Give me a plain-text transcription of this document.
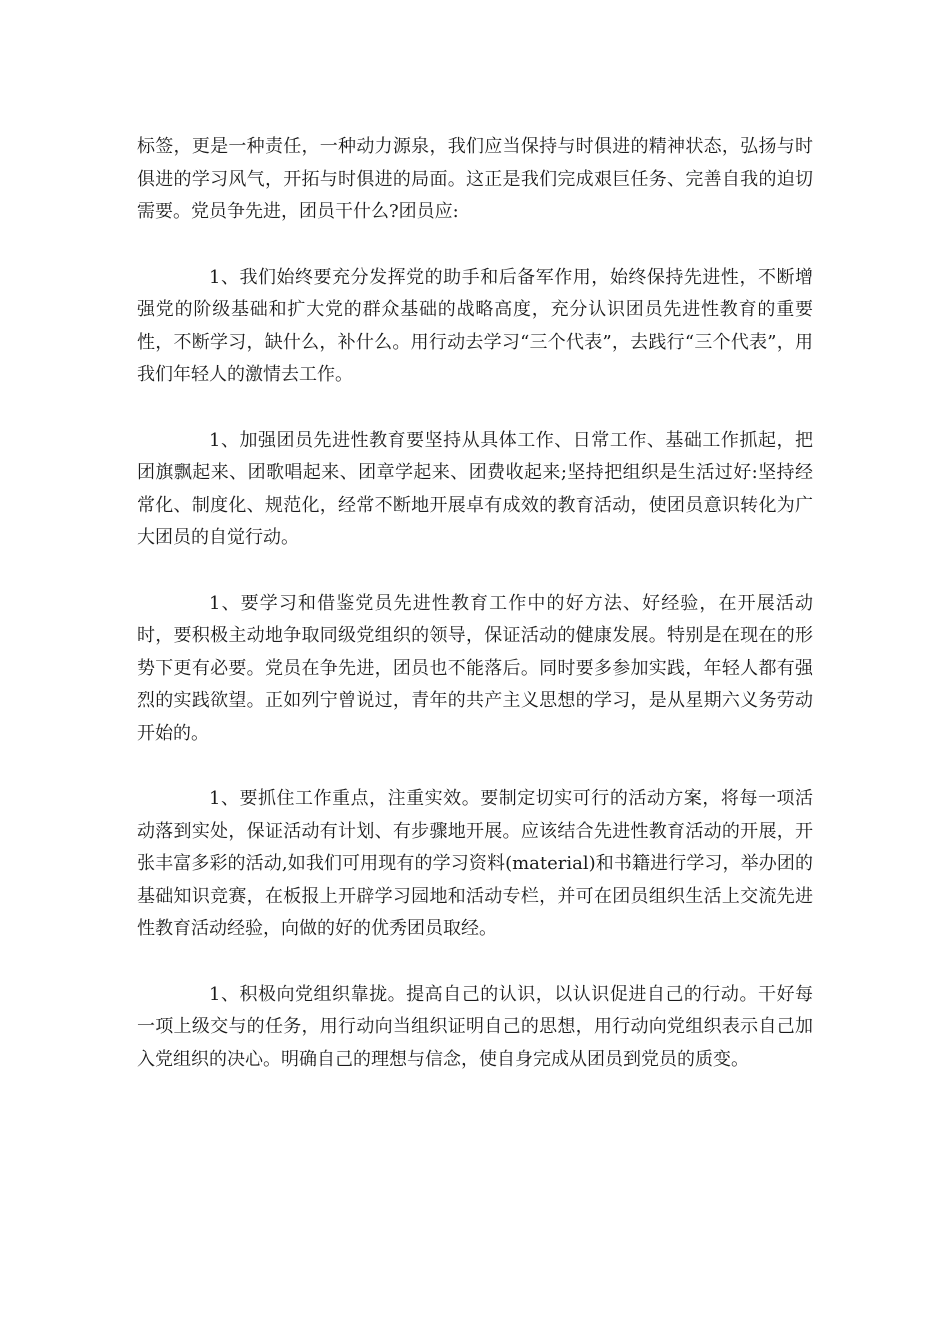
标签，更是一种责任，一种动力源泉，我们应当保持与时俱进的精神状态，弘扬与时俱进的学习风气，开拓与时俱进的局面。这正是我们完成艰巨任务、完善自我的迫切需要。党员争先进，团员干什么?团员应:

1、我们始终要充分发挥党的助手和后备军作用，始终保持先进性，不断增强党的阶级基础和扩大党的群众基础的战略高度，充分认识团员先进性教育的重要性，不断学习，缺什么，补什么。用行动去学习“三个代表”，去践行“三个代表”，用我们年轻人的激情去工作。

1、加强团员先进性教育要坚持从具体工作、日常工作、基础工作抓起，把团旗飘起来、团歌唱起来、团章学起来、团费收起来;坚持把组织是生活过好:坚持经常化、制度化、规范化，经常不断地开展卓有成效的教育活动，使团员意识转化为广大团员的自觉行动。

1、要学习和借鉴党员先进性教育工作中的好方法、好经验，在开展活动时，要积极主动地争取同级党组织的领导，保证活动的健康发展。特别是在现在的形势下更有必要。党员在争先进，团员也不能落后。同时要多参加实践，年轻人都有强烈的实践欲望。正如列宁曾说过，青年的共产主义思想的学习，是从星期六义务劳动开始的。

1、要抓住工作重点，注重实效。要制定切实可行的活动方案，将每一项活动落到实处，保证活动有计划、有步骤地开展。应该结合先进性教育活动的开展，开张丰富多彩的活动,如我们可用现有的学习资料(material)和书籍进行学习，举办团的基础知识竞赛，在板报上开辟学习园地和活动专栏，并可在团员组织生活上交流先进性教育活动经验，向做的好的优秀团员取经。

1、积极向党组织靠拢。提高自己的认识，以认识促进自己的行动。干好每一项上级交与的任务，用行动向当组织证明自己的思想，用行动向党组织表示自己加入党组织的决心。明确自己的理想与信念，使自身完成从团员到党员的质变。
